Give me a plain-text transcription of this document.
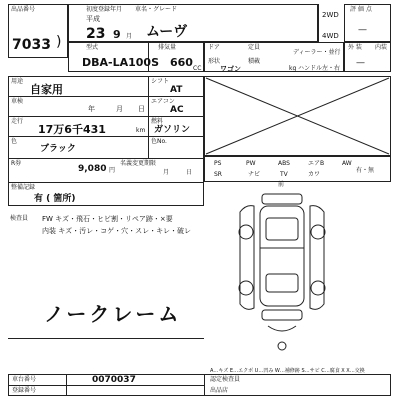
出品番号
7033 )
初度登録年月 車名・グレード
平成
23 9 月 ムーヴ
2WD
4WD
評 価 点
—
型式
DBA-LA100S
排気量
660 CC
ドア	定員
ディーラー・並行
形状	積載
ワゴン	kg ハンドル 左・右
外 装 内装
—
用途
自家用
シフト
AT
車検
年	月 日
エアコン
AC
走行
17万6千431	km
燃料
ガソリン
色
ブラック
色No.
R券
9,080 円
名義変更期限
月	日
整備記録
有 ( 箇所)
PS	PW	ABS	エアB	AW
SR	ナビ	TV	カワ
有・無
検査員 FW キズ・飛石・ヒビ割・リペア跡・×要
内装 キズ・汚レ・コゲ・穴・スレ・キレ・破レ
前
ノークレーム
A…キズ E…エクボ U…凹み W…補修跡 S…サビ C…腐食 X X…交換
車台番号	0070037
登録番号
認定検査員
出品店
